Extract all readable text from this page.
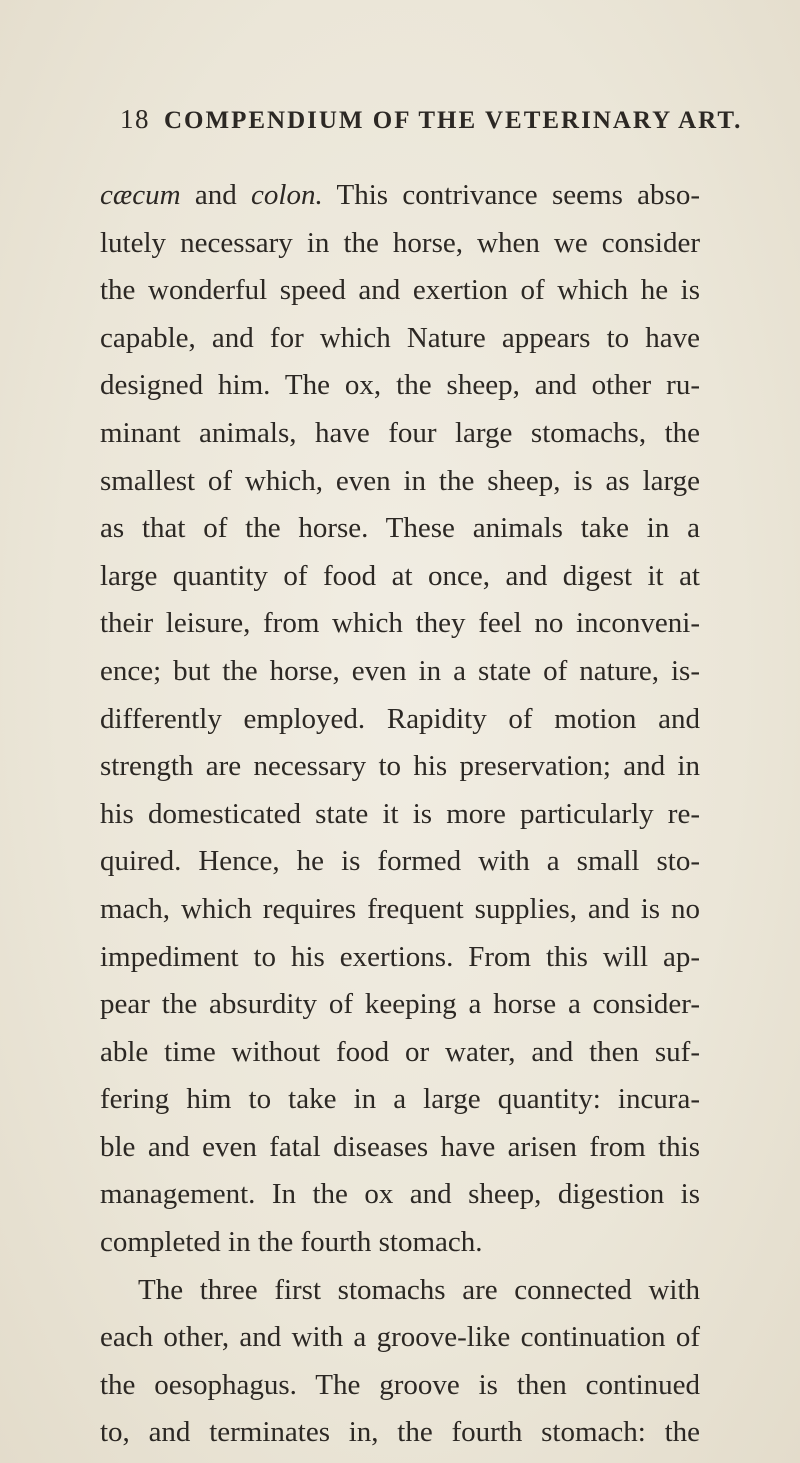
18 COMPENDIUM OF THE VETERINARY ART.
cæcum and colon. This contrivance seems abso-
lutely necessary in the horse, when we consider
the wonderful speed and exertion of which he is
capable, and for which Nature appears to have
designed him. The ox, the sheep, and other ru-
minant animals, have four large stomachs, the
smallest of which, even in the sheep, is as large
as that of the horse. These animals take in a
large quantity of food at once, and digest it at
their leisure, from which they feel no inconveni-
ence; but the horse, even in a state of nature, is-
differently employed. Rapidity of motion and
strength are necessary to his preservation; and in
his domesticated state it is more particularly re-
quired. Hence, he is formed with a small sto-
mach, which requires frequent supplies, and is no
impediment to his exertions. From this will ap-
pear the absurdity of keeping a horse a consider-
able time without food or water, and then suf-
fering him to take in a large quantity: incura-
ble and even fatal diseases have arisen from this
management. In the ox and sheep, digestion is
completed in the fourth stomach.
The three first stomachs are connected with
each other, and with a groove-like continuation of
the oesophagus. The groove is then continued
to, and terminates in, the fourth stomach: the
